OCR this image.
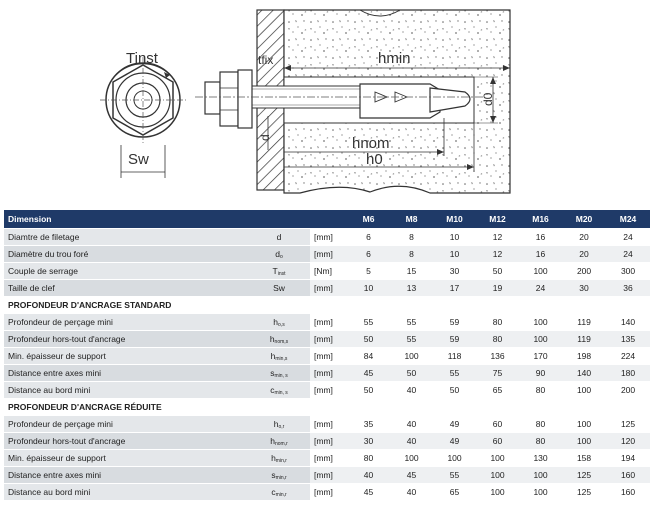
Tinst
Sw
tfix	hmin
d0
d	hnom
h0
Dimension			M6	M8	M10	M12	M16	M20	M24
Diamtre de filetage	d	[mm]	6	8	10	12	16	20	24
Diamètre du trou foré	$d_o$	[mm]	6	8	10	12	16	20	24
Couple de serrage	$T_{inst}$	[Nm]	5	15	30	50	100	200	300
Taille de clef	Sw	[mm]	10	13	17	19	24	30	36
PROFONDEUR D'ANCRAGE STANDARD									
Profondeur de perçage mini	$h_{o,s}$	[mm]	55	55	59	80	100	119	140
Profondeur hors-tout d'ancrage	$h_{nom,s}$	[mm]	50	55	59	80	100	119	135
Min. épaisseur de support	$h_{min,s}$	[mm]	84	100	118	136	170	198	224
Distance entre axes mini	$s_{min, s}$	[mm]	45	50	55	75	90	140	180
Distance au bord mini	$c_{min, s}$	[mm]	50	40	50	65	80	100	200
PROFONDEUR D'ANCRAGE RÉDUITE									
Profondeur de perçage mini	$h_{o,r}$	[mm]	35	40	49	60	80	100	125
Profondeur hors-tout d'ancrage	$h_{nom,r}$	[mm]	30	40	49	60	80	100	120
Min. épaisseur de support	$h_{min,r}$	[mm]	80	100	100	100	130	158	194
Distance entre axes mini	$s_{min,r}$	[mm]	40	45	55	100	100	125	160
Distance au bord mini	$c_{min,r}$	[mm]	45	40	65	100	100	125	160
